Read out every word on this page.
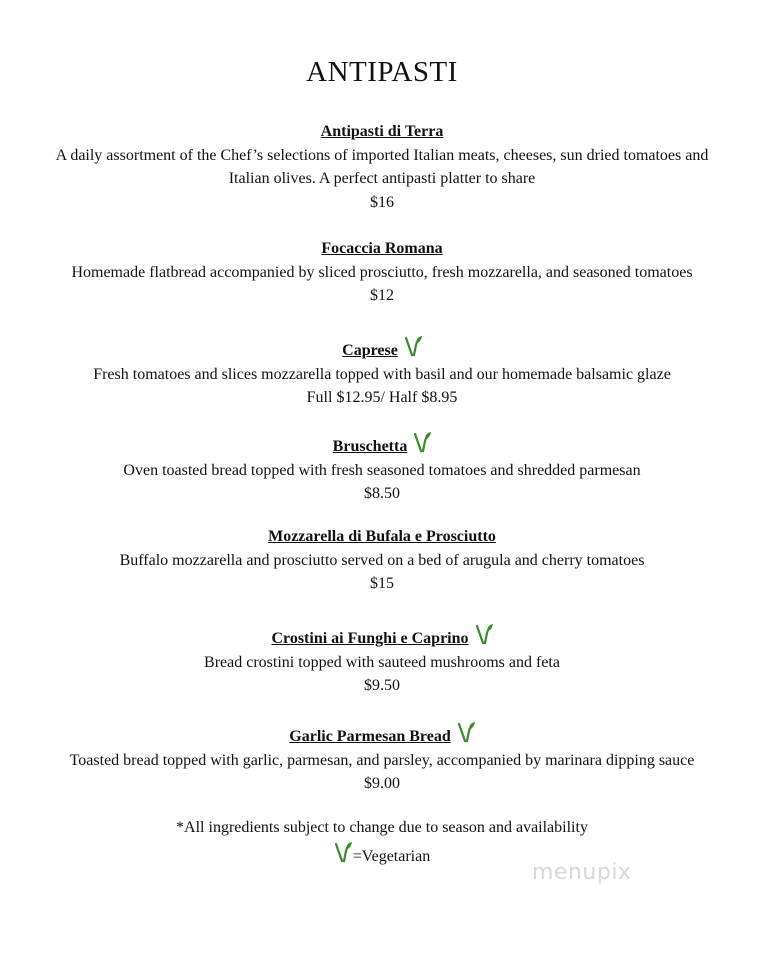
ANTIPASTI
Antipasti di Terra
A daily assortment of the Chef’s selections of imported Italian meats, cheeses, sun dried tomatoes and
Italian olives. A perfect antipasti platter to share
$16
Focaccia Romana
Homemade flatbread accompanied by sliced prosciutto, fresh mozzarella, and seasoned tomatoes
$12
Caprese
Fresh tomatoes and slices mozzarella topped with basil and our homemade balsamic glaze
Full $12.95/ Half $8.95
Bruschetta
Oven toasted bread topped with fresh seasoned tomatoes and shredded parmesan
$8.50
Mozzarella di Bufala e Prosciutto
Buffalo mozzarella and prosciutto served on a bed of arugula and cherry tomatoes
$15
Crostini ai Funghi e Caprino
Bread crostini topped with sauteed mushrooms and feta
$9.50
Garlic Parmesan Bread
Toasted bread topped with garlic, parmesan, and parsley, accompanied by marinara dipping sauce
$9.00
*All ingredients subject to change due to season and availability
=Vegetarian
menupix
